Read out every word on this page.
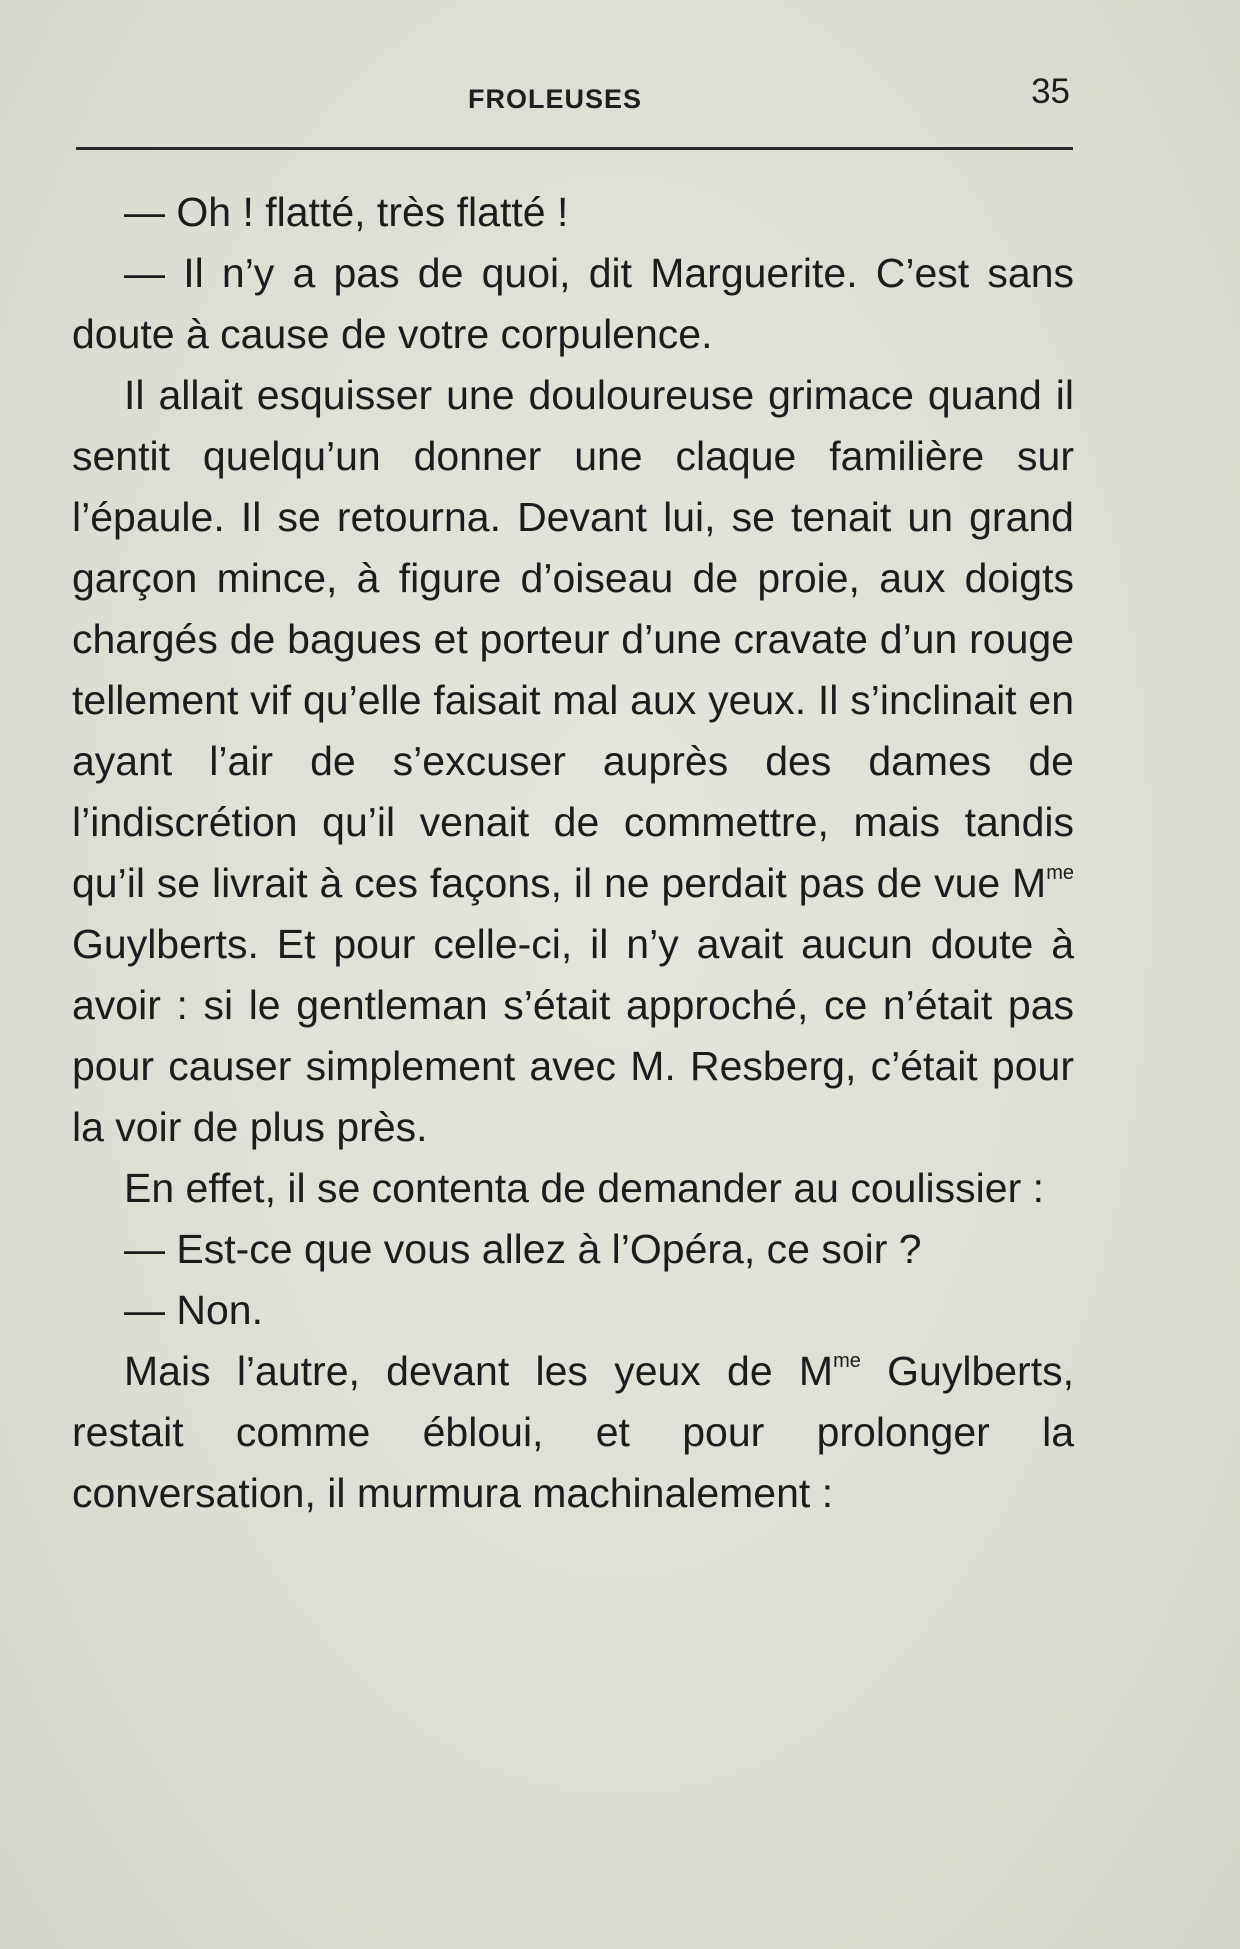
FROLEUSES	35

— Oh ! flatté, très flatté !

— Il n’y a pas de quoi, dit Marguerite. C’est sans doute à cause de votre corpulence.

Il allait esquisser une douloureuse grimace quand il sentit quelqu’un donner une claque familière sur l’épaule. Il se retourna. Devant lui, se tenait un grand garçon mince, à figure d’oiseau de proie, aux doigts chargés de bagues et porteur d’une cravate d’un rouge tellement vif qu’elle faisait mal aux yeux. Il s’inclinait en ayant l’air de s’excuser auprès des dames de l’indiscrétion qu’il venait de commettre, mais tandis qu’il se livrait à ces façons, il ne perdait pas de vue $M^{me}$ Guylberts. Et pour celle-ci, il n’y avait aucun doute à avoir : si le gentleman s’était approché, ce n’était pas pour causer simplement avec M. Resberg, c’était pour la voir de plus près.

En effet, il se contenta de demander au coulissier :

— Est-ce que vous allez à l’Opéra, ce soir ?

— Non.

Mais l’autre, devant les yeux de $M^{me}$ Guylberts, restait comme ébloui, et pour prolonger la conversation, il murmura machinalement :
